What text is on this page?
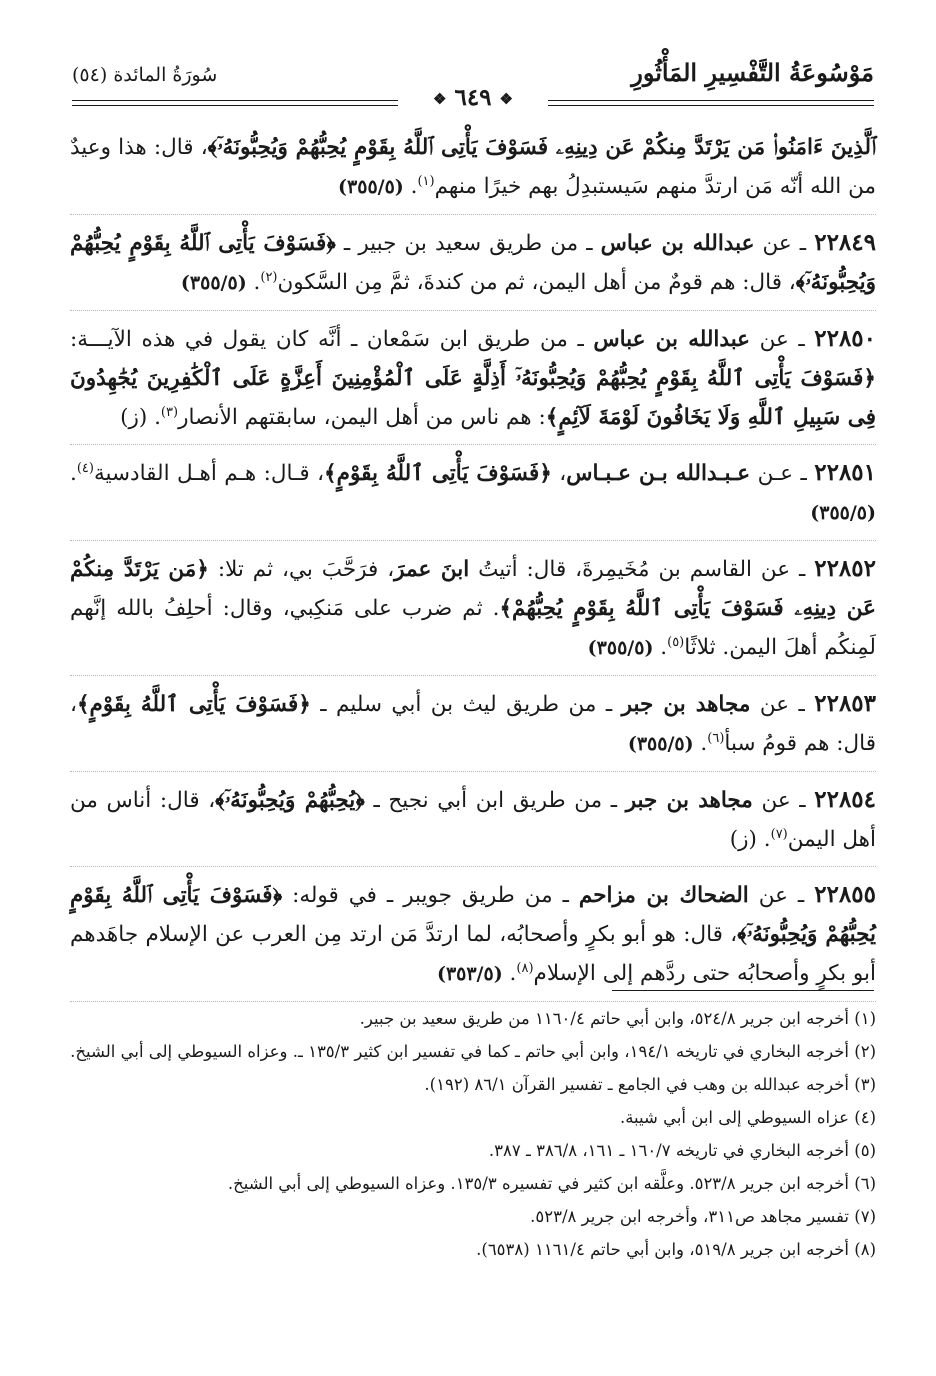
مَوْسُوعَةُ التَّفْسِيرِ المَأْثُورِ
سُورَةُ المائدة (٥٤)
❖ ٦٤٩ ❖
ٱلَّذِينَ ءَامَنُوا۟ مَن يَرْتَدَّ مِنكُمْ عَن دِينِهِۦ فَسَوْفَ يَأْتِى ٱللَّهُ بِقَوْمٍ يُحِبُّهُمْ وَيُحِبُّونَهُۥٓ﴾، قال: هذا وعيدٌ من الله أنّه مَن ارتدَّ منهم سَيستبدِلُ بهم خيرًا منهم$^{(١)}$. (٣٥٥/٥)
٢٢٨٤٩ ـ عن عبدالله بن عباس ـ من طريق سعيد بن جبير ـ ﴿فَسَوْفَ يَأْتِى ٱللَّهُ بِقَوْمٍ يُحِبُّهُمْ وَيُحِبُّونَهُۥٓ﴾، قال: هم قومٌ من أهل اليمن، ثم من كندةَ، ثمَّ مِن السَّكون$^{(٢)}$. (٣٥٥/٥)
٢٢٨٥٠ ـ عن عبدالله بن عباس ـ من طريق ابن سَمْعان ـ أنَّه كان يقول في هذه الآيـــة: ﴿فَسَوْفَ يَأْتِى ٱللَّهُ بِقَوْمٍ يُحِبُّهُمْ وَيُحِبُّونَهُۥٓ أَذِلَّةٍ عَلَى ٱلْمُؤْمِنِينَ أَعِزَّةٍ عَلَى ٱلْكَٰفِرِينَ يُجَٰهِدُونَ فِى سَبِيلِ ٱللَّهِ وَلَا يَخَافُونَ لَوْمَةَ لَآئِمٍ﴾: هم ناس من أهل اليمن، سابقتهم الأنصار$^{(٣)}$. (ز)
٢٢٨٥١ ـ عـن عـبـدالله بـن عـبـاس، ﴿فَسَوْفَ يَأْتِى ٱللَّهُ بِقَوْمٍ﴾، قـال: هـم أهـل القادسية$^{(٤)}$. (٣٥٥/٥)
٢٢٨٥٢ ـ عن القاسم بن مُخَيمِرةَ، قال: أتيتُ ابنَ عمرَ، فرَحَّبَ بي، ثم تلا: ﴿مَن يَرْتَدَّ مِنكُمْ عَن دِينِهِۦ فَسَوْفَ يَأْتِى ٱللَّهُ بِقَوْمٍ يُحِبُّهُمْ﴾. ثم ضرب على مَنكِبي، وقال: أحلِفُ بالله إنَّهم لَمِنكُم أهلَ اليمن. ثلاثًا$^{(٥)}$. (٣٥٥/٥)
٢٢٨٥٣ ـ عن مجاهد بن جبر ـ من طريق ليث بن أبي سليم ـ ﴿فَسَوْفَ يَأْتِى ٱللَّهُ بِقَوْمٍ﴾، قال: هم قومُ سبأ$^{(٦)}$. (٣٥٥/٥)
٢٢٨٥٤ ـ عن مجاهد بن جبر ـ من طريق ابن أبي نجيح ـ ﴿يُحِبُّهُمْ وَيُحِبُّونَهُۥٓ﴾، قال: أناس من أهل اليمن$^{(٧)}$. (ز)
٢٢٨٥٥ ـ عن الضحاك بن مزاحم ـ من طريق جويبر ـ في قوله: ﴿فَسَوْفَ يَأْتِى ٱللَّهُ بِقَوْمٍ يُحِبُّهُمْ وَيُحِبُّونَهُۥٓ﴾، قال: هو أبو بكرٍ وأصحابُه، لما ارتدَّ مَن ارتد مِن العرب عن الإسلام جاهَدهم أبو بكرٍ وأصحابُه حتى ردَّهم إلى الإسلام$^{(٨)}$. (٣٥٣/٥)
(١) أخرجه ابن جرير ٥٢٤/٨، وابن أبي حاتم ١١٦٠/٤ من طريق سعيد بن جبير.
(٢) أخرجه البخاري في تاريخه ١٩٤/١، وابن أبي حاتم ـ كما في تفسير ابن كثير ١٣٥/٣ ـ. وعزاه السيوطي إلى أبي الشيخ.
(٣) أخرجه عبدالله بن وهب في الجامع ـ تفسير القرآن ٨٦/١ (١٩٢).
(٤) عزاه السيوطي إلى ابن أبي شيبة.
(٥) أخرجه البخاري في تاريخه ١٦٠/٧ ـ ١٦١، ٣٨٦/٨ ـ ٣٨٧.
(٦) أخرجه ابن جرير ٥٢٣/٨. وعلَّقه ابن كثير في تفسيره ١٣٥/٣. وعزاه السيوطي إلى أبي الشيخ.
(٧) تفسير مجاهد ص٣١١، وأخرجه ابن جرير ٥٢٣/٨.
(٨) أخرجه ابن جرير ٥١٩/٨، وابن أبي حاتم ١١٦١/٤ (٦٥٣٨).
